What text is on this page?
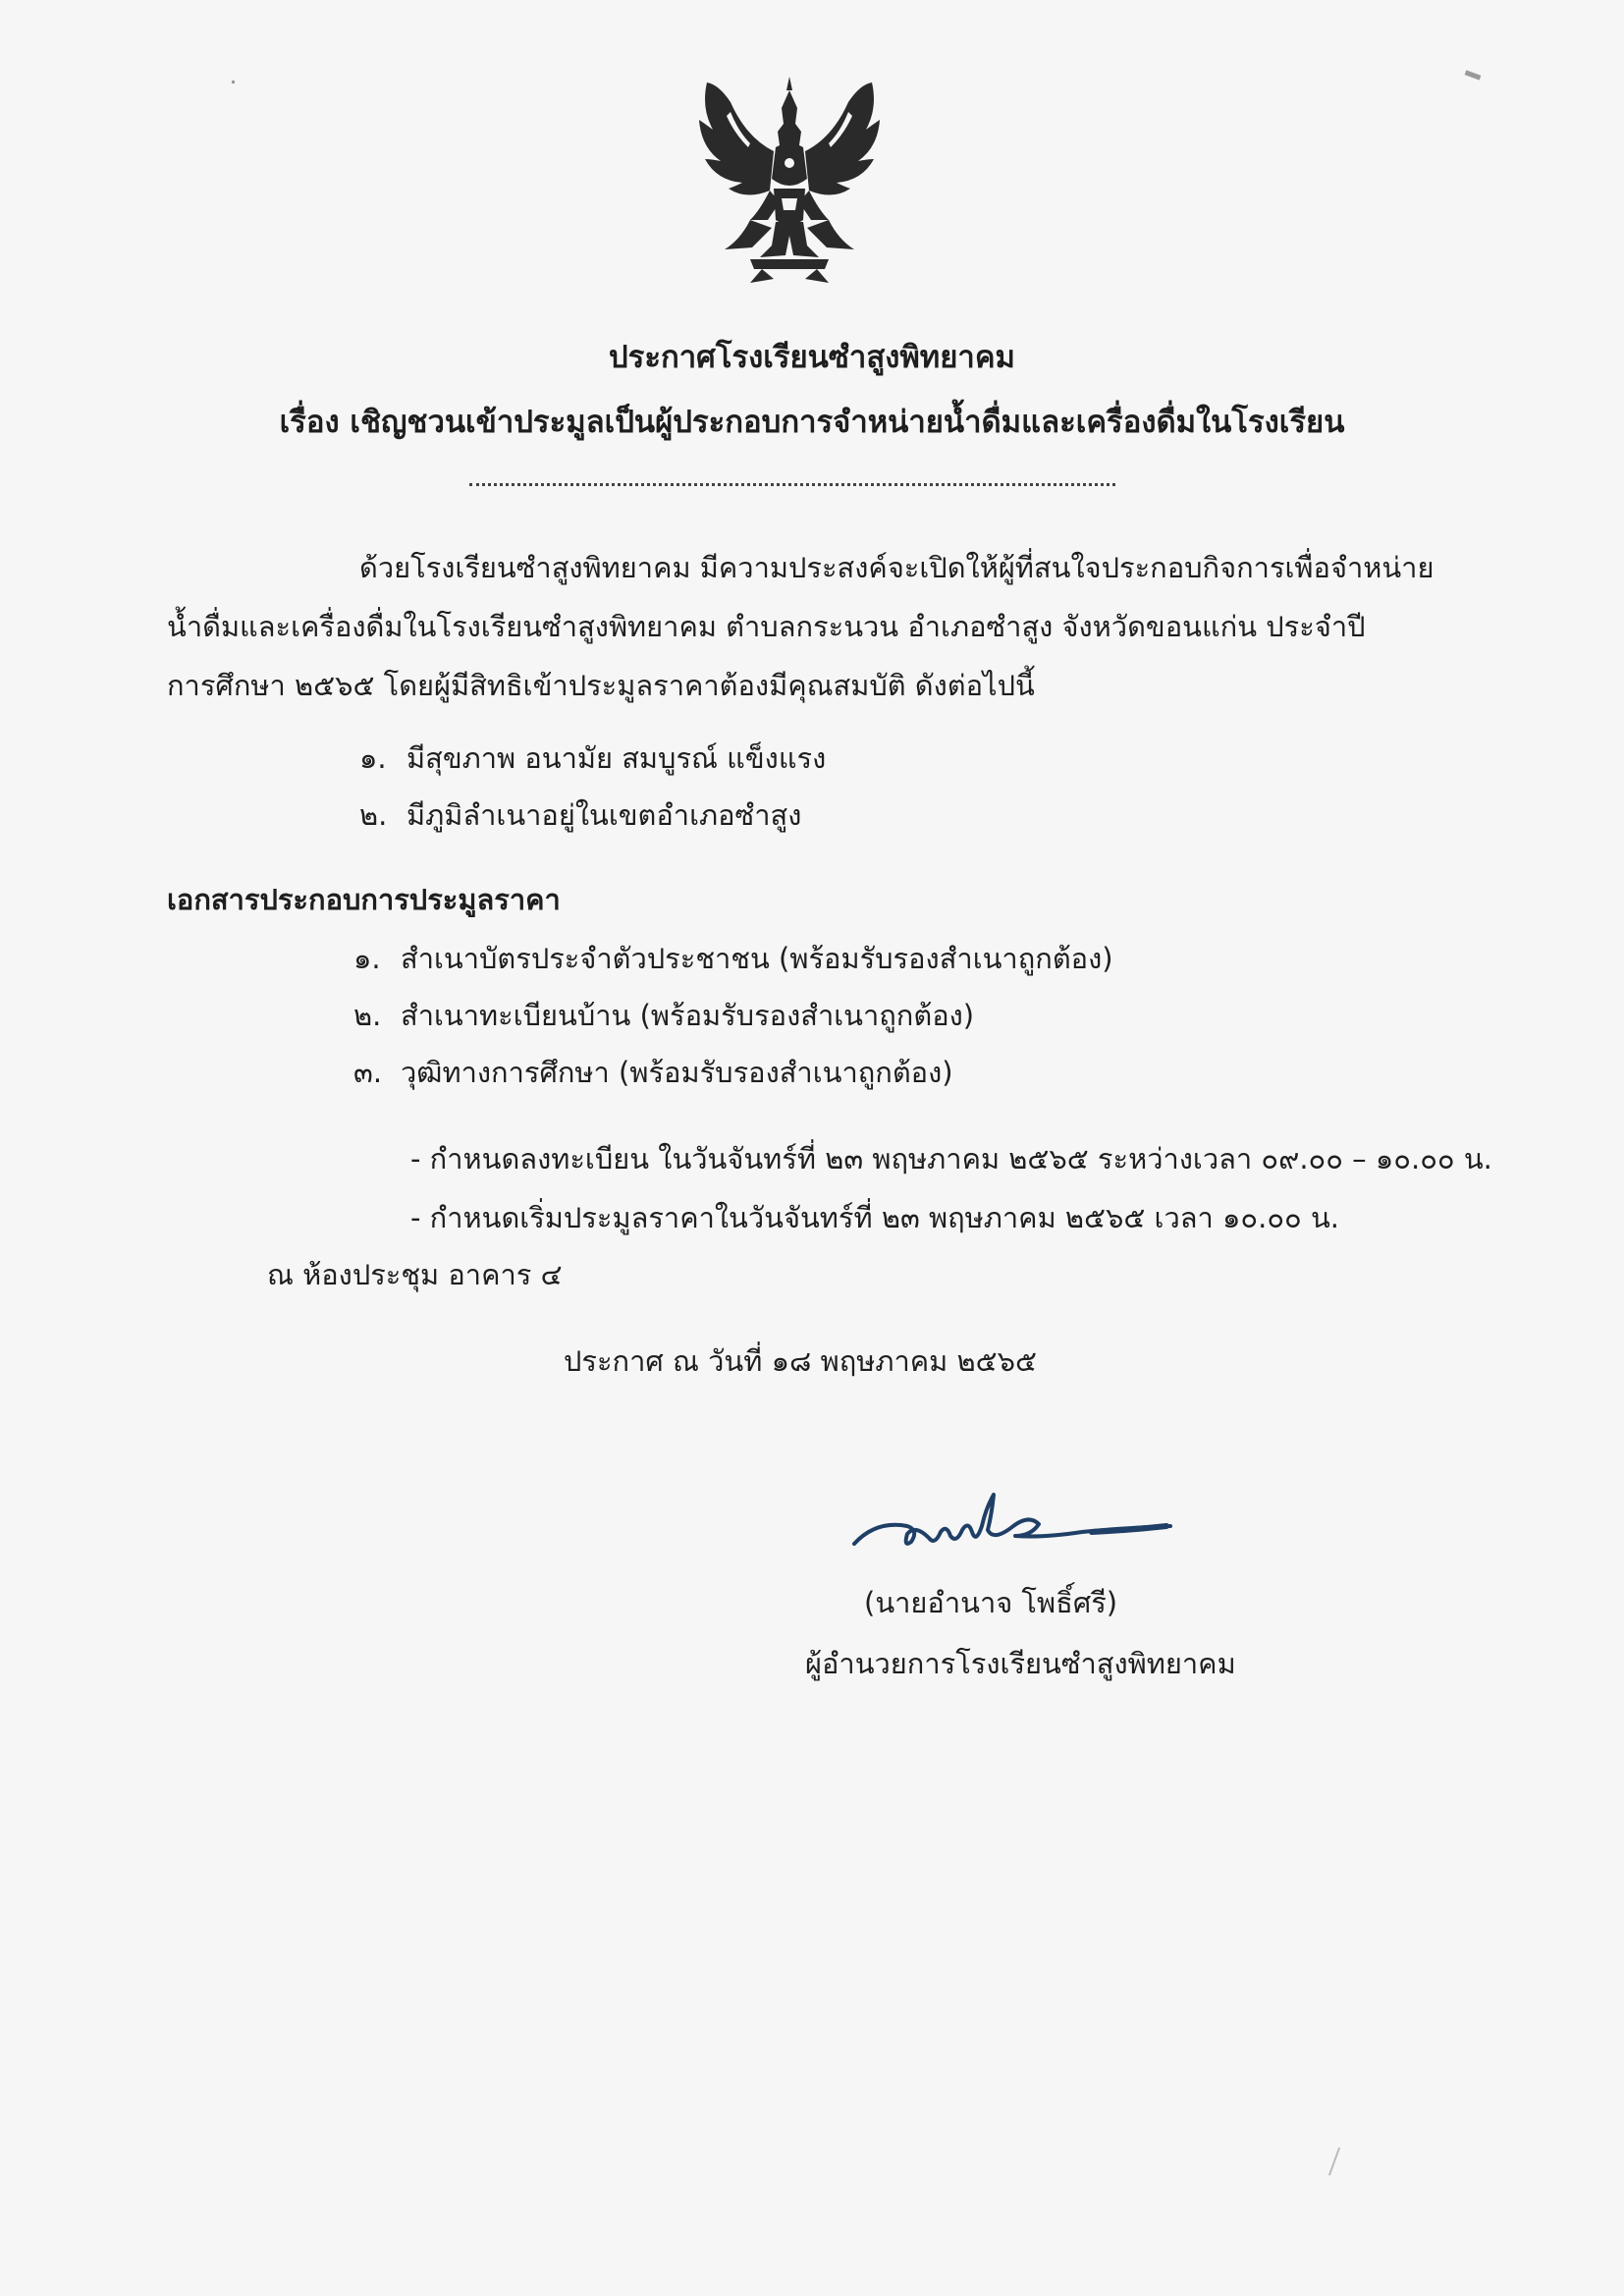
ประกาศโรงเรียนซำสูงพิทยาคม
เรื่อง เชิญชวนเข้าประมูลเป็นผู้ประกอบการจำหน่ายน้ำดื่มและเครื่องดื่มในโรงเรียน
ด้วยโรงเรียนซำสูงพิทยาคม มีความประสงค์จะเปิดให้ผู้ที่สนใจประกอบกิจการเพื่อจำหน่าย
น้ำดื่มและเครื่องดื่มในโรงเรียนซำสูงพิทยาคม ตำบลกระนวน อำเภอซำสูง จังหวัดขอนแก่น ประจำปี
การศึกษา ๒๕๖๕ โดยผู้มีสิทธิเข้าประมูลราคาต้องมีคุณสมบัติ ดังต่อไปนี้
๑. มีสุขภาพ อนามัย สมบูรณ์ แข็งแรง
๒. มีภูมิลำเนาอยู่ในเขตอำเภอซำสูง
เอกสารประกอบการประมูลราคา
๑. สำเนาบัตรประจำตัวประชาชน (พร้อมรับรองสำเนาถูกต้อง)
๒. สำเนาทะเบียนบ้าน (พร้อมรับรองสำเนาถูกต้อง)
๓. วุฒิทางการศึกษา (พร้อมรับรองสำเนาถูกต้อง)
- กำหนดลงทะเบียน ในวันจันทร์ที่ ๒๓ พฤษภาคม ๒๕๖๕ ระหว่างเวลา ๐๙.๐๐ – ๑๐.๐๐ น.
- กำหนดเริ่มประมูลราคาในวันจันทร์ที่ ๒๓ พฤษภาคม ๒๕๖๕ เวลา ๑๐.๐๐ น.
ณ ห้องประชุม อาคาร ๔
ประกาศ ณ วันที่ ๑๘ พฤษภาคม ๒๕๖๕
(นายอำนาจ โพธิ์ศรี)
ผู้อำนวยการโรงเรียนซำสูงพิทยาคม
